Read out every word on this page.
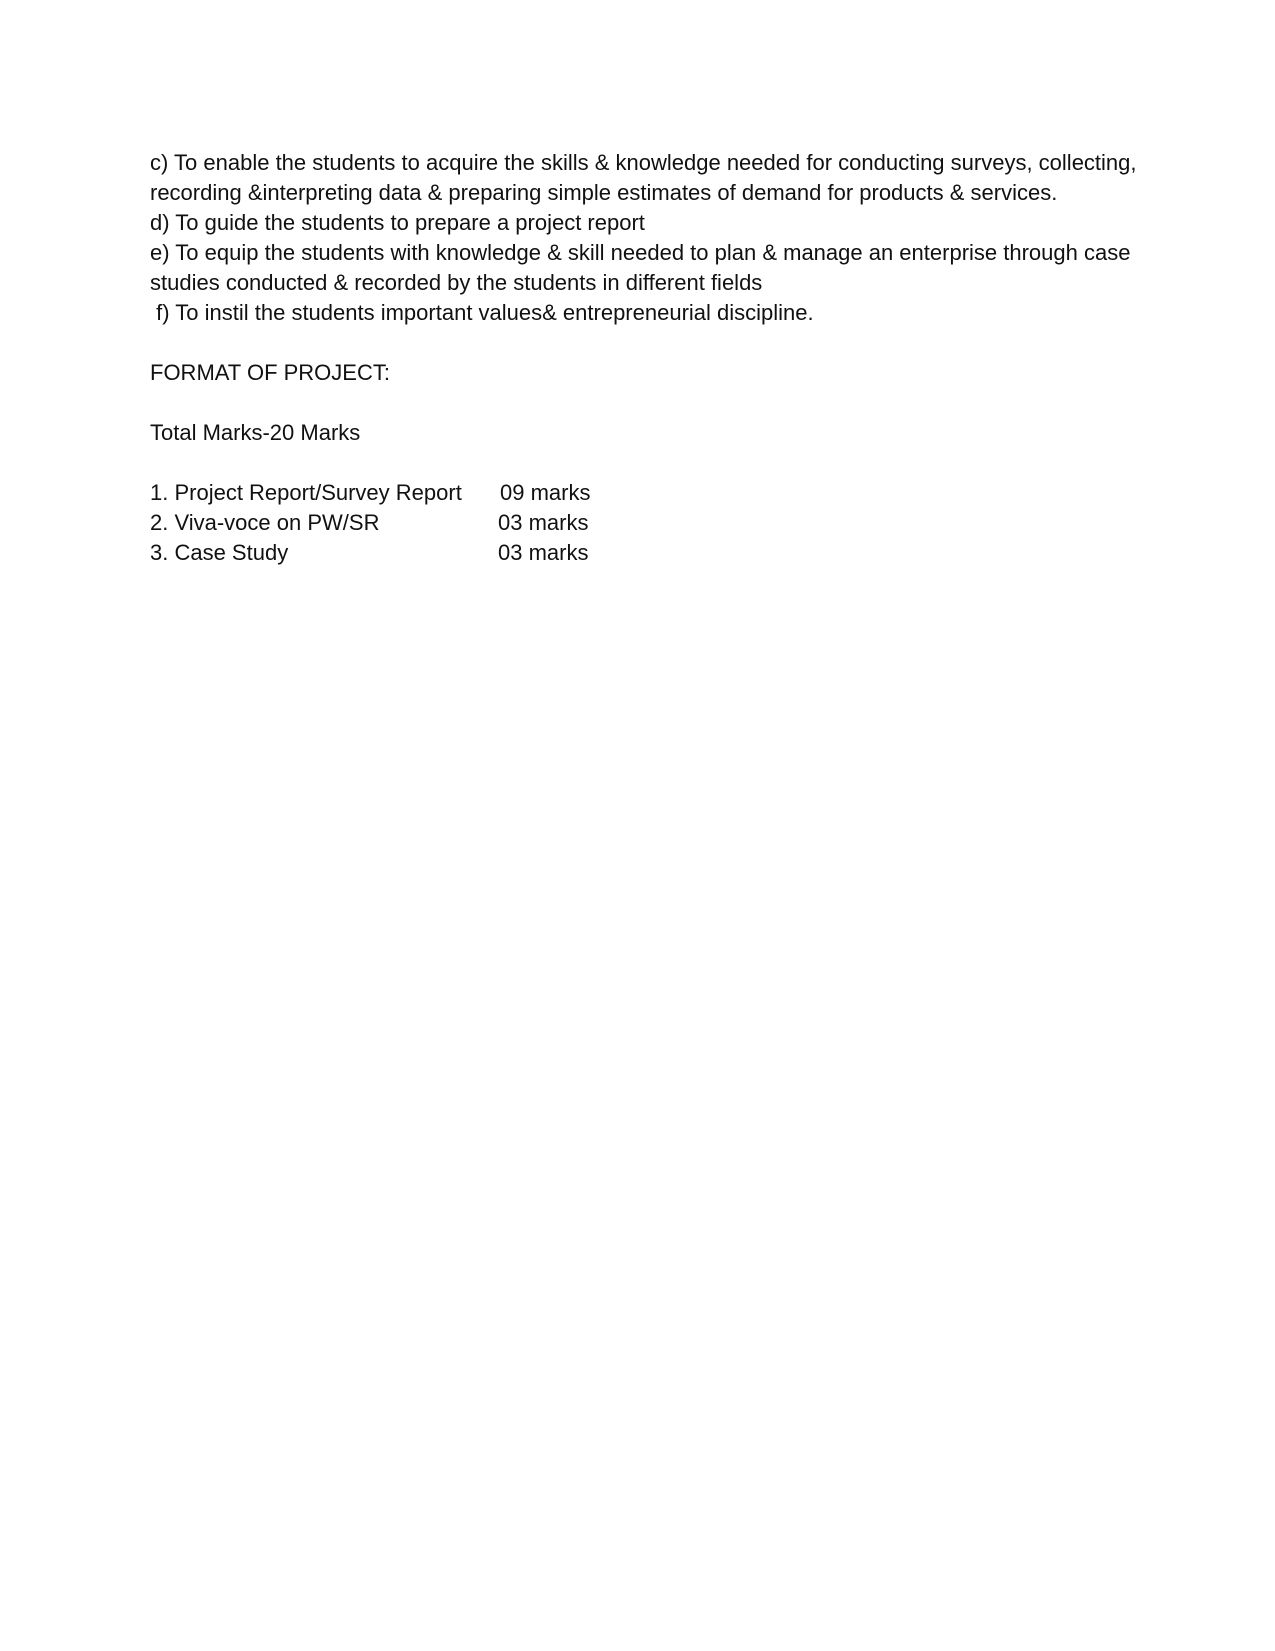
c) To enable the students to acquire the skills & knowledge needed for conducting surveys, collecting, recording &interpreting data & preparing simple estimates of demand for products & services.

d) To guide the students to prepare a project report

e) To equip the students with knowledge & skill needed to plan & manage an enterprise through case studies conducted & recorded by the students in different fields

f) To instil the students important values& entrepreneurial discipline.

FORMAT OF PROJECT:

Total Marks-20 Marks

1. Project Report/Survey Report	09 marks
2. Viva-voce on PW/SR	03 marks
3. Case Study	03 marks
